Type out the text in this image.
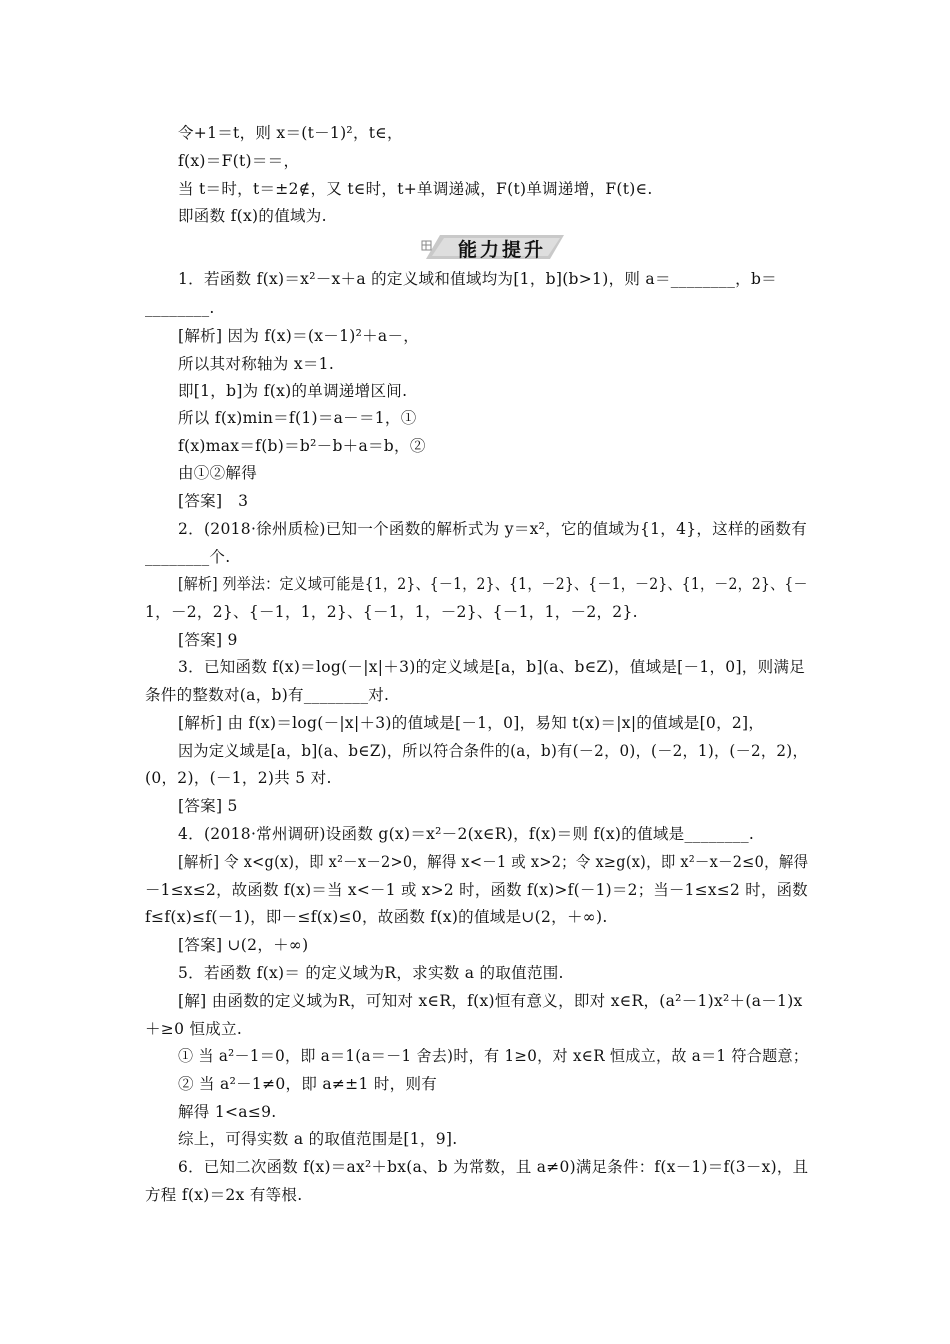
令+1＝t，则 x＝(t－1)²，t∈，
f(x)＝F(t)＝＝，
当 t＝时，t＝±2∉，又 t∈时，t+单调递减，F(t)单调递增，F(t)∈.
即函数 f(x)的值域为.
能力提升
1．若函数 f(x)＝x²－x＋a 的定义域和值域均为[1，b](b>1)，则 a＝________，b＝
________.
[解析] 因为 f(x)＝(x－1)²＋a－，
所以其对称轴为 x＝1.
即[1，b]为 f(x)的单调递增区间.
所以 f(x)min＝f(1)＝a－＝1，①
f(x)max＝f(b)＝b²－b＋a＝b，②
由①②解得
[答案]　3
2．(2018·徐州质检)已知一个函数的解析式为 y＝x²，它的值域为{1，4}，这样的函数有
________个.
[解析] 列举法：定义域可能是{1，2}、{－1，2}、{1，－2}、{－1，－2}、{1，－2，2}、{－
1，－2，2}、{－1，1，2}、{－1，1，－2}、{－1，1，－2，2}.
[答案] 9
3．已知函数 f(x)＝log(－|x|＋3)的定义域是[a，b](a、b∈Z)，值域是[－1，0]，则满足
条件的整数对(a，b)有________对.
[解析] 由 f(x)＝log(－|x|＋3)的值域是[－1，0]，易知 t(x)＝|x|的值域是[0，2]，
因为定义域是[a，b](a、b∈Z)，所以符合条件的(a，b)有(－2，0)，(－2，1)，(－2，2)，
(0，2)，(－1，2)共 5 对.
[答案] 5
4．(2018·常州调研)设函数 g(x)＝x²－2(x∈R)，f(x)＝则 f(x)的值域是________.
[解析] 令 x<g(x)，即 x²－x－2>0，解得 x<－1 或 x>2；令 x≥g(x)，即 x²－x－2≤0，解得
－1≤x≤2，故函数 f(x)＝当 x<－1 或 x>2 时，函数 f(x)>f(－1)＝2；当－1≤x≤2 时，函数
f≤f(x)≤f(－1)，即－≤f(x)≤0，故函数 f(x)的值域是∪(2，＋∞).
[答案] ∪(2，＋∞)
5．若函数 f(x)＝ 的定义域为R，求实数 a 的取值范围.
[解] 由函数的定义域为R，可知对 x∈R，f(x)恒有意义，即对 x∈R，(a²－1)x²＋(a－1)x
＋≥0 恒成立.
① 当 a²－1＝0，即 a＝1(a＝－1 舍去)时，有 1≥0，对 x∈R 恒成立，故 a＝1 符合题意；
② 当 a²－1≠0，即 a≠±1 时，则有
解得 1<a≤9.
综上，可得实数 a 的取值范围是[1，9].
6．已知二次函数 f(x)＝ax²＋bx(a、b 为常数，且 a≠0)满足条件：f(x－1)＝f(3－x)，且
方程 f(x)＝2x 有等根.
